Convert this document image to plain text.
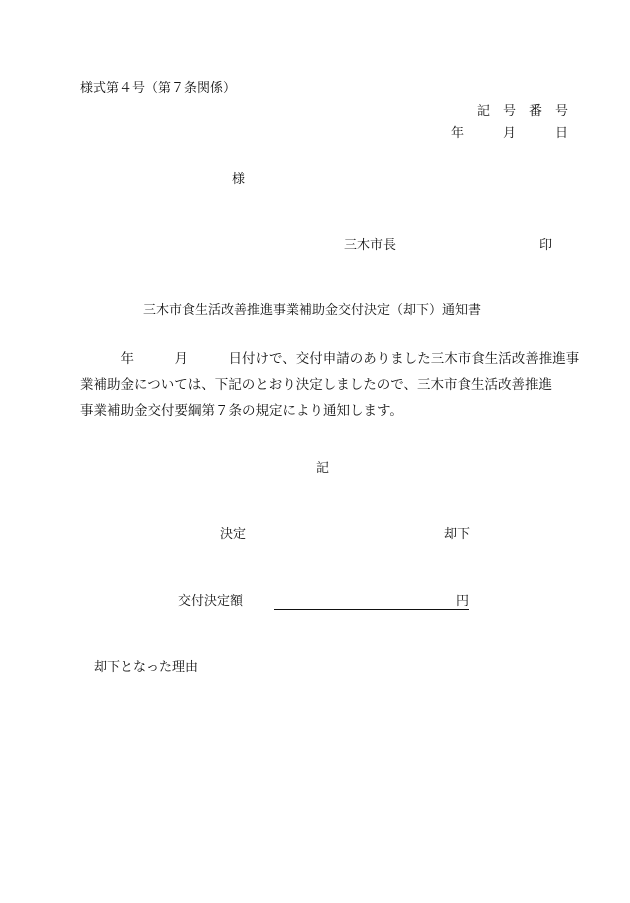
様式第４号（第７条関係）
記　号　番　号
年　　　月　　　日
様
三木市長	印
三木市食生活改善推進事業補助金交付決定（却下）通知書
　　　年　　　月　　　日付けで、交付申請のありました三木市食生活改善推進事
業補助金については、下記のとおり決定しましたので、三木市食生活改善推進
事業補助金交付要綱第７条の規定により通知します。
記
決定	却下
交付決定額	円
却下となった理由
